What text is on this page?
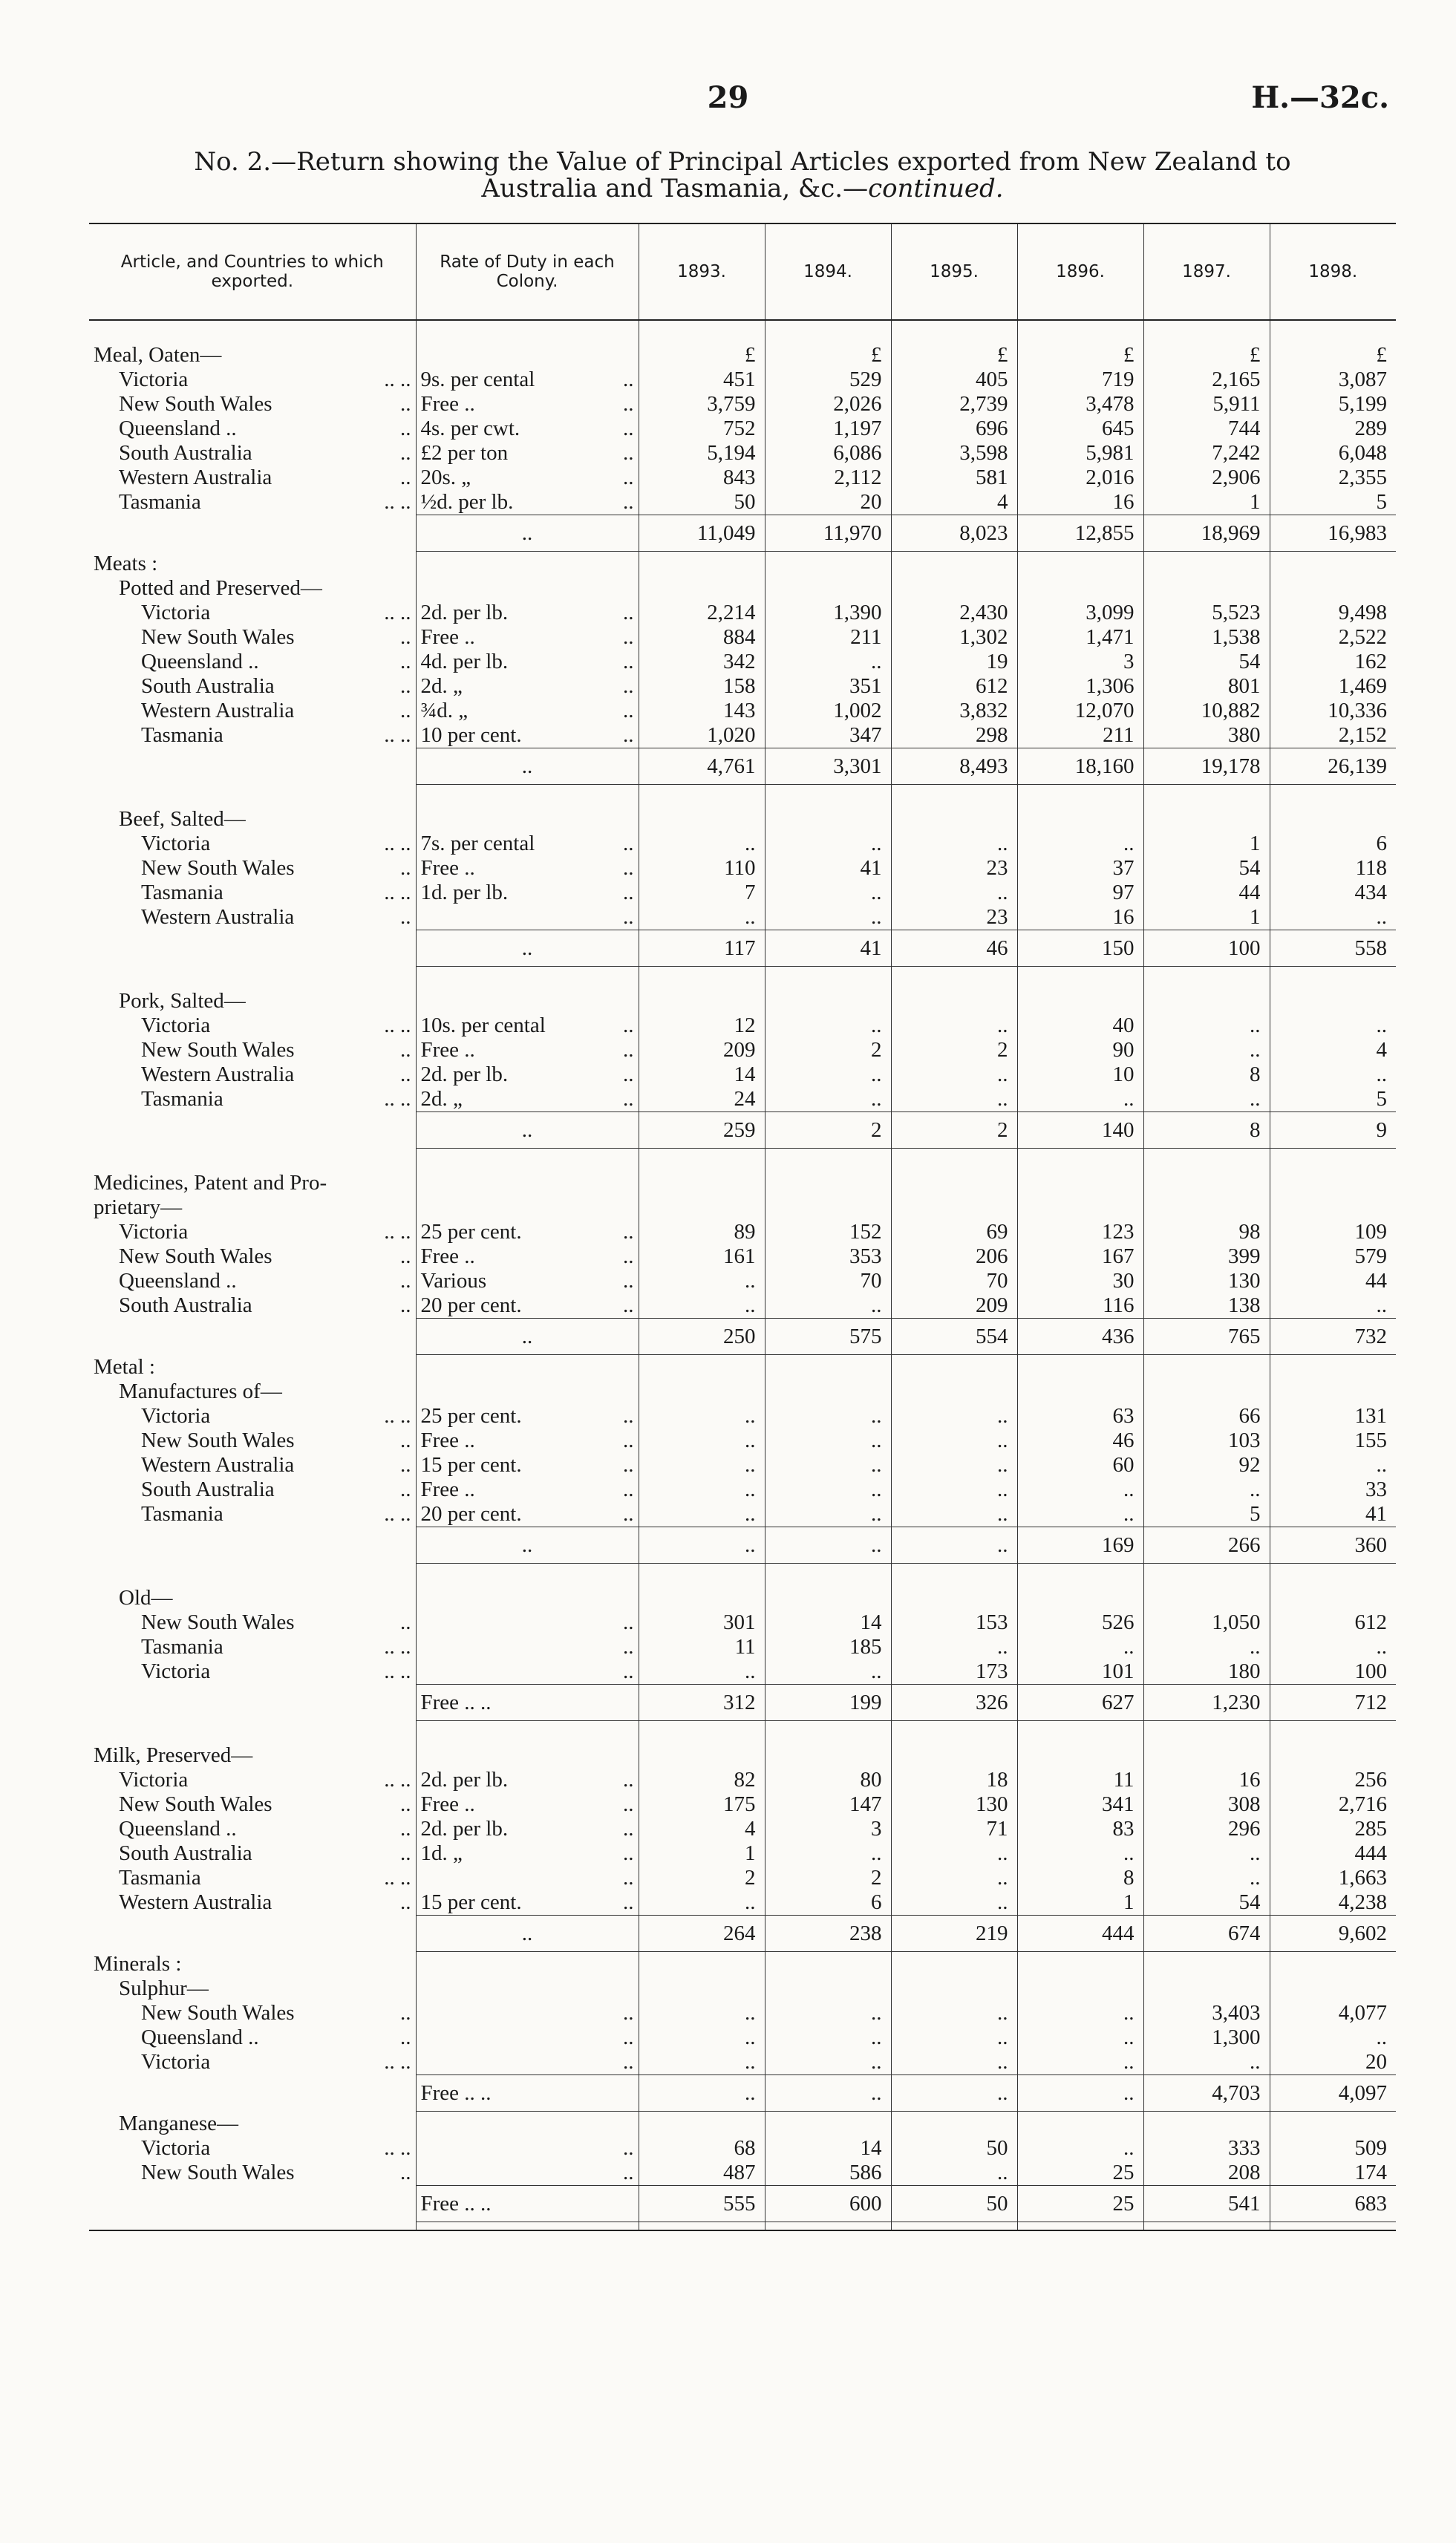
29	H.—32c.
No. 2.—Return showing the Value of Principal Articles exported from New Zealand to
Australia and Tasmania, &c.—continued.
Article, and Countries to which exported.	Rate of Duty in each Colony.	1893.	1894.	1895.	1896.	1897.	1898.

Meal, Oaten—		£	£	£	£	£	£
Victoria .. ..	9s. per cental ..	451	529	405	719	2,165	3,087
New South Wales ..	Free .. ..	3,759	2,026	2,739	3,478	5,911	5,199
Queensland .. ..	4s. per cwt. ..	752	1,197	696	645	744	289
South Australia ..	£2 per ton ..	5,194	6,086	3,598	5,981	7,242	6,048
Western Australia ..	20s. „ ..	843	2,112	581	2,016	2,906	2,355
Tasmania .. ..	½d. per lb. ..	50	20	4	16	1	5
	..	11,049	11,970	8,023	12,855	18,969	16,983
Meats :							
Potted and Preserved—							
Victoria .. ..	2d. per lb. ..	2,214	1,390	2,430	3,099	5,523	9,498
New South Wales ..	Free .. ..	884	211	1,302	1,471	1,538	2,522
Queensland .. ..	4d. per lb. ..	342	..	19	3	54	162
South Australia ..	2d. „ ..	158	351	612	1,306	801	1,469
Western Australia ..	¾d. „ ..	143	1,002	3,832	12,070	10,882	10,336
Tasmania .. ..	10 per cent. ..	1,020	347	298	211	380	2,152
	..	4,761	3,301	8,493	18,160	19,178	26,139

Beef, Salted—							
Victoria .. ..	7s. per cental ..	..	..	..	..	1	6
New South Wales ..	Free .. ..	110	41	23	37	54	118
Tasmania .. ..	1d. per lb. ..	7	..	..	97	44	434
Western Australia ..	..	..	..	23	16	1	..
	..	117	41	46	150	100	558

Pork, Salted—							
Victoria .. ..	10s. per cental ..	12	..	..	40	..	..
New South Wales ..	Free .. ..	209	2	2	90	..	4
Western Australia ..	2d. per lb. ..	14	..	..	10	8	..
Tasmania .. ..	2d. „ ..	24	..	..	..	..	5
	..	259	2	2	140	8	9

Medicines, Patent and Pro-							
prietary—							
Victoria .. ..	25 per cent. ..	89	152	69	123	98	109
New South Wales ..	Free .. ..	161	353	206	167	399	579
Queensland .. ..	Various ..	..	70	70	30	130	44
South Australia ..	20 per cent. ..	..	..	209	116	138	..
	..	250	575	554	436	765	732
Metal :							
Manufactures of—							
Victoria .. ..	25 per cent. ..	..	..	..	63	66	131
New South Wales ..	Free .. ..	..	..	..	46	103	155
Western Australia ..	15 per cent. ..	..	..	..	60	92	..
South Australia ..	Free .. ..	..	..	..	..	..	33
Tasmania .. ..	20 per cent. ..	..	..	..	..	5	41
	..	..	..	..	169	266	360

Old—							
New South Wales ..	..	301	14	153	526	1,050	612
Tasmania .. ..	..	11	185	..	..	..	..
Victoria .. ..	..	..	..	173	101	180	100
	Free .. ..	312	199	326	627	1,230	712

Milk, Preserved—							
Victoria .. ..	2d. per lb. ..	82	80	18	11	16	256
New South Wales ..	Free .. ..	175	147	130	341	308	2,716
Queensland .. ..	2d. per lb. ..	4	3	71	83	296	285
South Australia ..	1d. „ ..	1	..	..	..	..	444
Tasmania .. ..	..	2	2	..	8	..	1,663
Western Australia ..	15 per cent. ..	..	6	..	1	54	4,238
	..	264	238	219	444	674	9,602
Minerals :							
Sulphur—							
New South Wales ..	..	..	..	..	..	3,403	4,077
Queensland .. ..	..	..	..	..	..	1,300	..
Victoria .. ..	..	..	..	..	..	..	20
	Free .. ..	..	..	..	..	4,703	4,097
Manganese—							
Victoria .. ..	..	68	14	50	..	333	509
New South Wales ..	..	487	586	..	25	208	174
	Free .. ..	555	600	50	25	541	683
